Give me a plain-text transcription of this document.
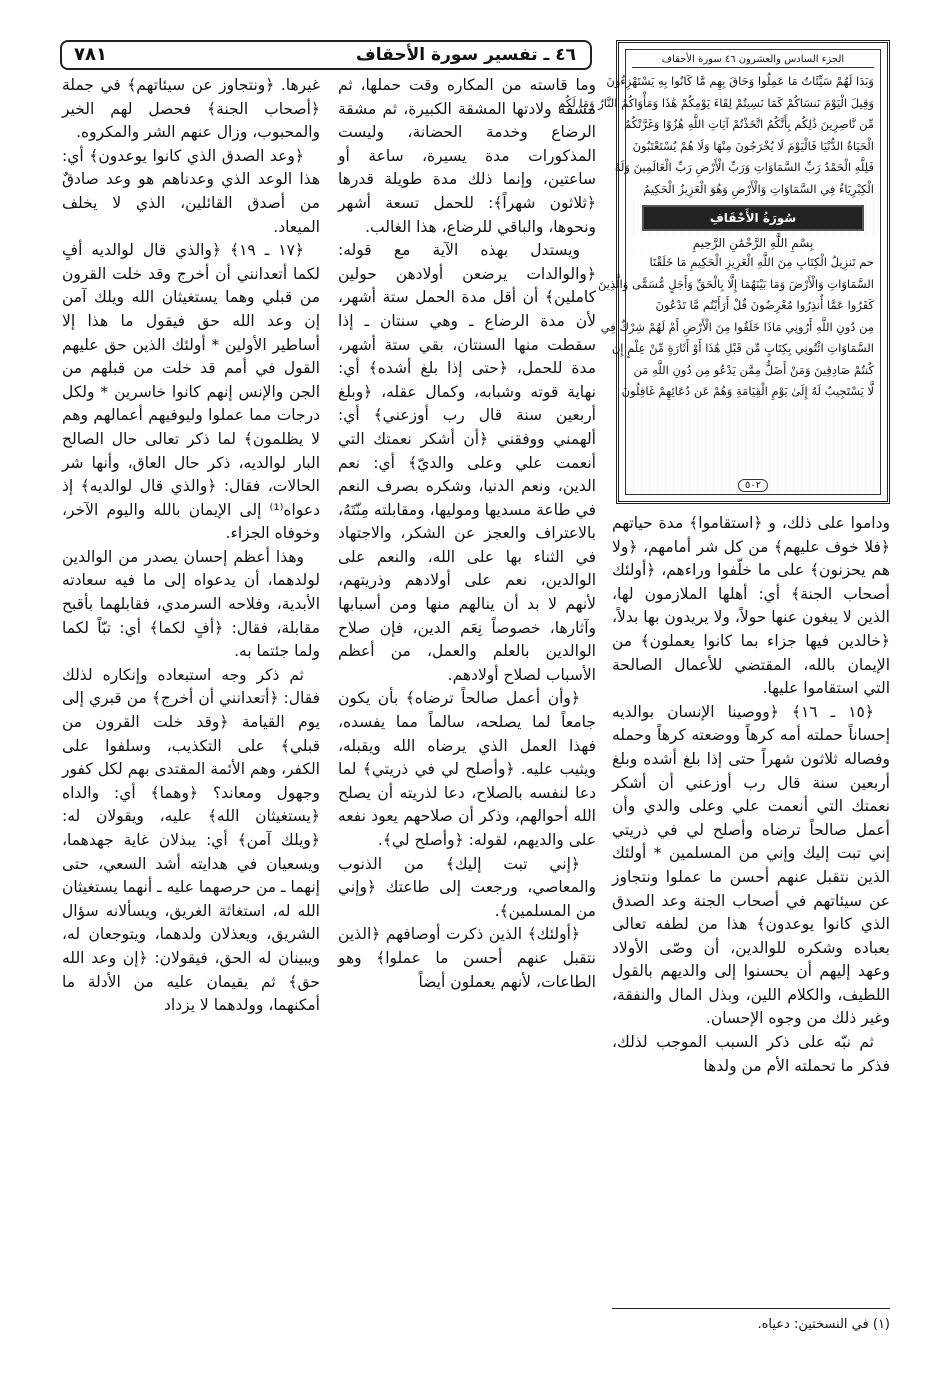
٧٨١	٤٦ ـ تفسير سورة الأحقاف	الجزء السادس والعشرون ٤٦ سورة الأحقاف
وَبَدَا لَهُمْ سَيِّئَاتُ مَا عَمِلُوا وَحَاقَ بِهِم مَّا كَانُوا بِهِ يَسْتَهْزِءُونَ
وَقِيلَ الْيَوْمَ نَنسَاكُمْ كَمَا نَسِيتُمْ لِقَاءَ يَوْمِكُمْ هَٰذَا وَمَأْوَاكُمُ النَّارُ وَمَا لَكُم
مِّن نَّاصِرِينَ ذَٰلِكُم بِأَنَّكُمُ اتَّخَذْتُمْ آيَاتِ اللَّهِ هُزُوًا وَغَرَّتْكُمُ
الْحَيَاةُ الدُّنْيَا فَالْيَوْمَ لَا يُخْرَجُونَ مِنْهَا وَلَا هُمْ يُسْتَعْتَبُونَ
فَلِلَّهِ الْحَمْدُ رَبِّ السَّمَاوَاتِ وَرَبِّ الْأَرْضِ رَبِّ الْعَالَمِينَ وَلَهُ
الْكِبْرِيَاءُ فِي السَّمَاوَاتِ وَالْأَرْضِ وَهُوَ الْعَزِيزُ الْحَكِيمُ
سُورَةُ الأَحْقَافِ
بِسْمِ اللَّهِ الرَّحْمَٰنِ الرَّحِيمِ
حم تَنزِيلُ الْكِتَابِ مِنَ اللَّهِ الْعَزِيزِ الْحَكِيمِ مَا خَلَقْنَا
السَّمَاوَاتِ وَالْأَرْضَ وَمَا بَيْنَهُمَا إِلَّا بِالْحَقِّ وَأَجَلٍ مُّسَمًّى وَالَّذِينَ
كَفَرُوا عَمَّا أُنذِرُوا مُعْرِضُونَ قُلْ أَرَأَيْتُم مَّا تَدْعُونَ
مِن دُونِ اللَّهِ أَرُونِي مَاذَا خَلَقُوا مِنَ الْأَرْضِ أَمْ لَهُمْ شِرْكٌ فِي
السَّمَاوَاتِ ائْتُونِي بِكِتَابٍ مِّن قَبْلِ هَٰذَا أَوْ أَثَارَةٍ مِّنْ عِلْمٍ إِن
كُنتُمْ صَادِقِينَ وَمَنْ أَضَلُّ مِمَّن يَدْعُو مِن دُونِ اللَّهِ مَن
لَّا يَسْتَجِيبُ لَهُ إِلَىٰ يَوْمِ الْقِيَامَةِ وَهُمْ عَن دُعَائِهِمْ غَافِلُونَ
٥٠٢

وداموا على ذلك، و ﴿استقاموا﴾ مدة حياتهم ﴿فلا خوف عليهم﴾ من كل شر أمامهم، ﴿ولا هم يحزنون﴾ على ما خلّفوا وراءهم، ﴿أولئك أصحاب الجنة﴾ أي: أهلها الملازمون لها، الذين لا يبغون عنها حولاً، ولا يريدون بها بدلاً، ﴿خالدين فيها جزاء بما كانوا يعملون﴾ من الإيمان بالله، المقتضي للأعمال الصالحة التي استقاموا عليها.

﴿١٥ ـ ١٦﴾ ﴿ووصينا الإنسان بوالديه إحساناً حملته أمه كرهاً ووضعته كرهاً وحمله وفصاله ثلاثون شهراً حتى إذا بلغ أشده وبلغ أربعين سنة قال رب أوزعني أن أشكر نعمتك التي أنعمت علي وعلى والدي وأن أعمل صالحاً ترضاه وأصلح لي في ذريتي إني تبت إليك وإني من المسلمين * أولئك الذين نتقبل عنهم أحسن ما عملوا ونتجاوز عن سيئاتهم في أصحاب الجنة وعد الصدق الذي كانوا يوعدون﴾ هذا من لطفه تعالى بعباده وشكره للوالدين، أن وصّى الأولاد وعهد إليهم أن يحسنوا إلى والديهم بالقول اللطيف، والكلام اللين، وبذل المال والنفقة، وغير ذلك من وجوه الإحسان.

ثم نبّه على ذكر السبب الموجب لذلك، فذكر ما تحملته الأم من ولدها

وما قاسته من المكاره وقت حملها، ثم مشقة ولادتها المشقة الكبيرة، ثم مشقة الرضاع وخدمة الحضانة، وليست المذكورات مدة يسيرة، ساعة أو ساعتين، وإنما ذلك مدة طويلة قدرها ﴿ثلاثون شهراً﴾: للحمل تسعة أشهر ونحوها، والباقي للرضاع، هذا الغالب.

ويستدل بهذه الآية مع قوله: ﴿والوالدات يرضعن أولادهن حولين كاملين﴾ أن أقل مدة الحمل ستة أشهر، لأن مدة الرضاع ـ وهي سنتان ـ إذا سقطت منها السنتان، بقي ستة أشهر، مدة للحمل، ﴿حتى إذا بلغ أشده﴾ أي: نهاية قوته وشبابه، وكمال عقله، ﴿وبلغ أربعين سنة قال رب أوزعني﴾ أي: ألهمني ووفقني ﴿أن أشكر نعمتك التي أنعمت علي وعلى والديّ﴾ أي: نعم الدين، ونعم الدنيا، وشكره بصرف النعم في طاعة مسديها وموليها، ومقابلته مِنّتَهُ، بالاعتراف والعجز عن الشكر، والاجتهاد في الثناء بها على الله، والنعم على الوالدين، نعم على أولادهم وذريتهم، لأنهم لا بد أن ينالهم منها ومن أسبابها وآثارها، خصوصاً نِعَم الدين، فإن صلاح الوالدين بالعلم والعمل، من أعظم الأسباب لصلاح أولادهم.

﴿وأن أعمل صالحاً ترضاه﴾ بأن يكون جامعاً لما يصلحه، سالماً مما يفسده، فهذا العمل الذي يرضاه الله ويقبله، ويثيب عليه. ﴿وأصلح لي في ذريتي﴾ لما دعا لنفسه بالصلاح، دعا لذريته أن يصلح الله أحوالهم، وذكر أن صلاحهم يعود نفعه على والديهم، لقوله: ﴿وأصلح لي﴾.

﴿إني تبت إليك﴾ من الذنوب والمعاصي، ورجعت إلى طاعتك ﴿وإني من المسلمين﴾.

﴿أولئك﴾ الذين ذكرت أوصافهم ﴿الذين نتقبل عنهم أحسن ما عملوا﴾ وهو الطاعات، لأنهم يعملون أيضاً

غيرها. ﴿ونتجاوز عن سيئاتهم﴾ في جملة ﴿أصحاب الجنة﴾ فحصل لهم الخير والمحبوب، وزال عنهم الشر والمكروه.

﴿وعد الصدق الذي كانوا يوعدون﴾ أي: هذا الوعد الذي وعدناهم هو وعد صادقٌ من أصدق القائلين، الذي لا يخلف الميعاد.

﴿١٧ ـ ١٩﴾ ﴿والذي قال لوالديه أفٍ لكما أتعدانني أن أخرج وقد خلت القرون من قبلي وهما يستغيثان الله ويلك آمن إن وعد الله حق فيقول ما هذا إلا أساطير الأولين * أولئك الذين حق عليهم القول في أمم قد خلت من قبلهم من الجن والإنس إنهم كانوا خاسرين * ولكل درجات مما عملوا وليوفيهم أعمالهم وهم لا يظلمون﴾ لما ذكر تعالى حال الصالح البار لوالديه، ذكر حال العاق، وأنها شر الحالات، فقال: ﴿والذي قال لوالديه﴾ إذ دعواه⁽¹⁾ إلى الإيمان بالله واليوم الآخر، وخوفاه الجزاء.

وهذا أعظم إحسان يصدر من الوالدين لولدهما، أن يدعواه إلى ما فيه سعادته الأبدية، وفلاحه السرمدي، فقابلهما بأقبح مقابلة، فقال: ﴿أفٍ لكما﴾ أي: تبّاً لكما ولما جئتما به.

ثم ذكر وجه استبعاده وإنكاره لذلك فقال: ﴿أتعدانني أن أخرج﴾ من قبري إلى يوم القيامة ﴿وقد خلت القرون من قبلي﴾ على التكذيب، وسلفوا على الكفر، وهم الأئمة المقتدى بهم لكل كفور وجهول ومعاند؟ ﴿وهما﴾ أي: والداه ﴿يستغيثان الله﴾ عليه، ويقولان له: ﴿ويلك آمن﴾ أي: يبذلان غاية جهدهما، ويسعيان في هدايته أشد السعي، حتى إنهما ـ من حرصهما عليه ـ أنهما يستغيثان الله له، استغاثة الغريق، ويسألانه سؤال الشريق، ويعذلان ولدهما، ويتوجعان له، ويبينان له الحق، فيقولان: ﴿إن وعد الله حق﴾ ثم يقيمان عليه من الأدلة ما أمكنهما، وولدهما لا يزداد

(١) في النسختين: دعياه.
